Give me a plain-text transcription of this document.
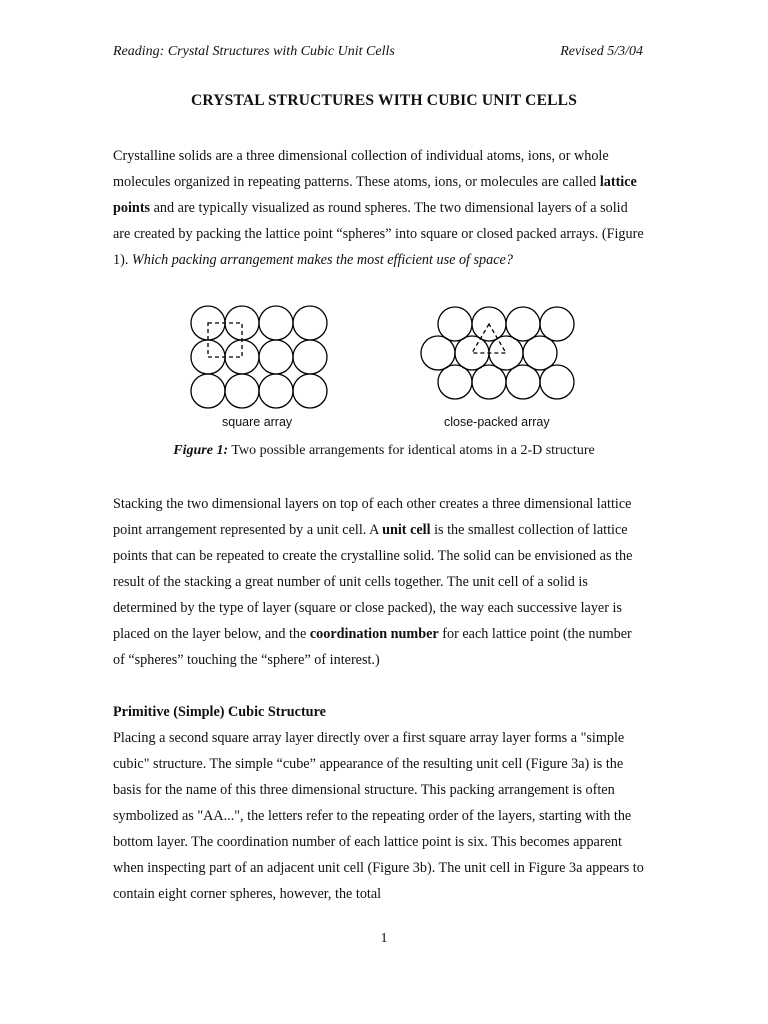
Reading: Crystal Structures with Cubic Unit Cells	Revised 5/3/04
CRYSTAL STRUCTURES WITH CUBIC UNIT CELLS
Crystalline solids are a three dimensional collection of individual atoms, ions, or whole molecules organized in repeating patterns. These atoms, ions, or molecules are called lattice points and are typically visualized as round spheres. The two dimensional layers of a solid are created by packing the lattice point “spheres” into square or closed packed arrays. (Figure 1). Which packing arrangement makes the most efficient use of space?
square array	close-packed array
Figure 1: Two possible arrangements for identical atoms in a 2-D structure
Stacking the two dimensional layers on top of each other creates a three dimensional lattice point arrangement represented by a unit cell. A unit cell is the smallest collection of lattice points that can be repeated to create the crystalline solid. The solid can be envisioned as the result of the stacking a great number of unit cells together. The unit cell of a solid is determined by the type of layer (square or close packed), the way each successive layer is placed on the layer below, and the coordination number for each lattice point (the number of “spheres” touching the “sphere” of interest.)
Primitive (Simple) Cubic Structure
Placing a second square array layer directly over a first square array layer forms a "simple cubic" structure. The simple “cube” appearance of the resulting unit cell (Figure 3a) is the basis for the name of this three dimensional structure. This packing arrangement is often symbolized as "AA...", the letters refer to the repeating order of the layers, starting with the bottom layer. The coordination number of each lattice point is six. This becomes apparent when inspecting part of an adjacent unit cell (Figure 3b). The unit cell in Figure 3a appears to contain eight corner spheres, however, the total
1
